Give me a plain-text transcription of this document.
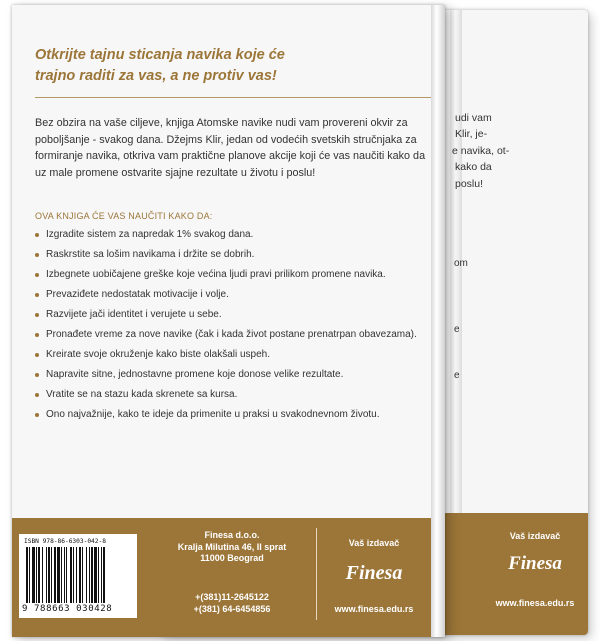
udi vam
Klir, je-
e navika, ot-
kako da
poslu!
om
e
e
Vaš izdavač
Finesa
www.finesa.edu.rs
Otkrijte tajnu sticanja navika koje će
trajno raditi za vas, a ne protiv vas!

Bez obzira na vaše ciljeve, knjiga Atomske navike nudi vam provereni okvir za poboljšanje - svakog dana. Džejms Klir, jedan od vodećih svetskih stručnjaka za formiranje navika, otkriva vam praktične planove akcije koji će vas naučiti kako da uz male promene ostvarite sjajne rezultate u životu i poslu!

OVA KNJIGA ĆE VAS NAUČITI KAKO DA:

Izgradite sistem za napredak 1% svakog dana.
Raskrstite sa lošim navikama i držite se dobrih.
Izbegnete uobičajene greške koje većina ljudi pravi prilikom promene navika.
Prevaziđete nedostatak motivacije i volje.
Razvijete jači identitet i verujete u sebe.
Pronađete vreme za nove navike (čak i kada život postane prenatrpan obavezama).
Kreirate svoje okruženje kako biste olakšali uspeh.
Napravite sitne, jednostavne promene koje donose velike rezultate.
Vratite se na stazu kada skrenete sa kursa.
Ono najvažnije, kako te ideje da primenite u praksi u svakodnevnom životu.
ISBN 978-86-6303-042-8
9 788663 030428
Finesa d.o.o.
Kralja Milutina 46, II sprat
11000 Beograd
+(381)11-2645122
+(381) 64-6454856
Vaš izdavač
Finesa
www.finesa.edu.rs
